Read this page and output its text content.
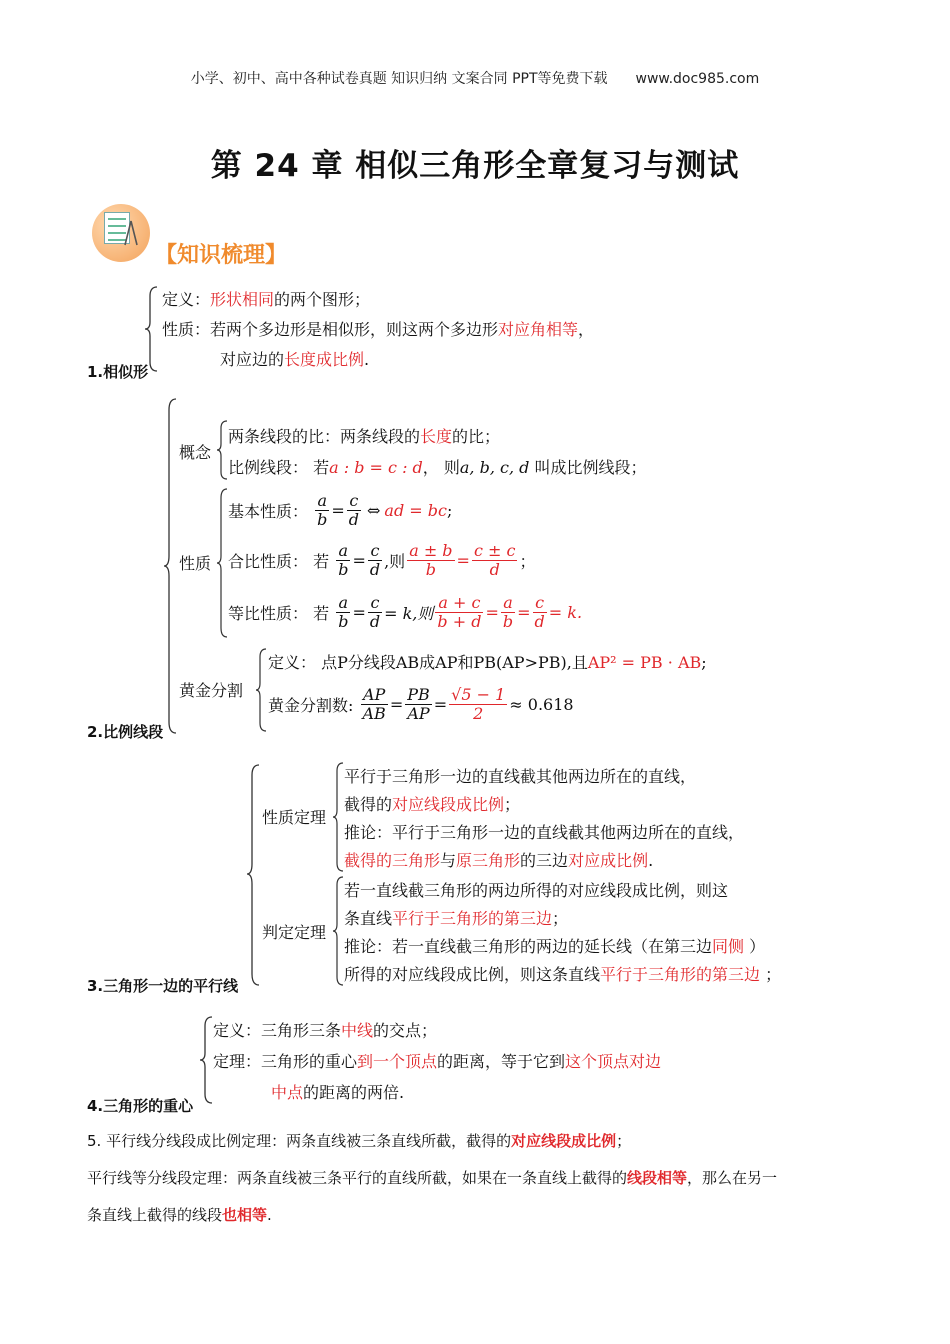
小学、初中、高中各种试卷真题 知识归纳 文案合同 PPT等免费下载 www.doc985.com
第 24 章 相似三角形全章复习与测试
【知识梳理】
定义：形状相同的两个图形；
性质：若两个多边形是相似形，则这两个多边形对应角相等，
对应边的长度成比例.
1.相似形
概念
两条线段的比：两条线段的长度的比；
比例线段： 若a : b = c : d， 则a, b, c, d 叫成比例线段；
性质
基本性质： $\frac{a}{b} = \frac{c}{d}$ ⇔ ad = bc;
合比性质： 若 $\frac{a}{b} = \frac{c}{d}$ ,则 $\frac{a \pm b}{b} = \frac{c \pm c}{d}$ ；
等比性质： 若 $\frac{a}{b} = \frac{c}{d} = k$,则 $\frac{a + c}{b + d} = \frac{a}{b} = \frac{c}{d} = k$.
黄金分割
定义： 点P分线段AB成AP和PB(AP>PB),且AP² = PB · AB;
黄金分割数: $\frac{AP}{AB} = \frac{PB}{AP} = \frac{√5 - 1}{2} \approx 0.618$
2.比例线段
性质定理
平行于三角形一边的直线截其他两边所在的直线，
截得的对应线段成比例；
推论：平行于三角形一边的直线截其他两边所在的直线，
截得的三角形与原三角形的三边对应成比例.
判定定理
若一直线截三角形的两边所得的对应线段成比例，则这
条直线平行于三角形的第三边；
推论：若一直线截三角形的两边的延长线（在第三边同侧 ）
所得的对应线段成比例，则这条直线平行于三角形的第三边 ；
3.三角形一边的平行线
定义：三角形三条中线的交点；
定理：三角形的重心到一个顶点的距离，等于它到这个顶点对边
中点的距离的两倍.
4.三角形的重心
5. 平行线分线段成比例定理：两条直线被三条直线所截，截得的对应线段成比例；
平行线等分线段定理：两条直线被三条平行的直线所截，如果在一条直线上截得的线段相等，那么在另一
条直线上截得的线段也相等.
